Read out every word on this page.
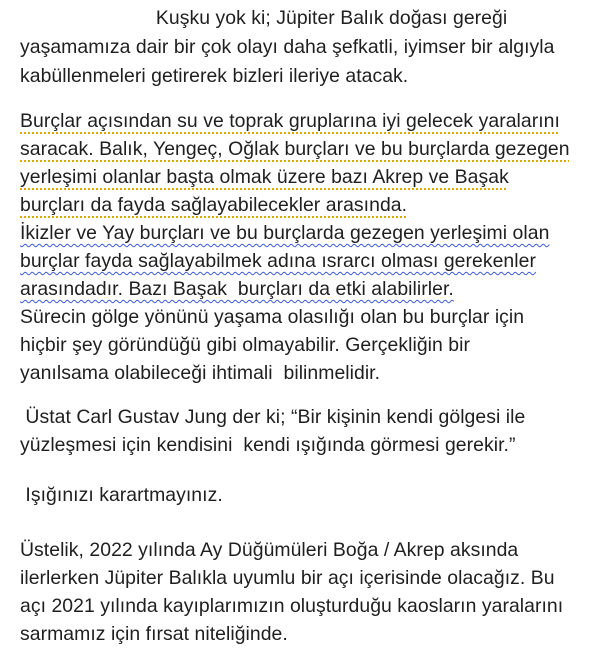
Kuşku yok ki; Jüpiter Balık doğası gereği
yaşamamıza dair bir çok olayı daha şefkatli, iyimser bir algıyla
kabüllenmeleri getirerek bizleri ileriye atacak.
Burçlar açısından su ve toprak gruplarına iyi gelecek yaralarını
saracak. Balık, Yengeç, Oğlak burçları ve bu burçlarda gezegen
yerleşimi olanlar başta olmak üzere bazı Akrep ve Başak
burçları da fayda sağlayabilecekler arasında.
İkizler ve Yay burçları ve bu burçlarda gezegen yerleşimi olan
burçlar fayda sağlayabilmek adına ısrarcı olması gerekenler
arasındadır. Bazı Başak  burçları da etki alabilirler.
Sürecin gölge yönünü yaşama olasılığı olan bu burçlar için
hiçbir şey göründüğü gibi olmayabilir. Gerçekliğin bir
yanılsama olabileceği ihtimali  bilinmelidir.
Üstat Carl Gustav Jung der ki; “Bir kişinin kendi gölgesi ile
yüzleşmesi için kendisini  kendi ışığında görmesi gerekir.”
Işığınızı karartmayınız.
Üstelik, 2022 yılında Ay Düğümüleri Boğa / Akrep aksında
ilerlerken Jüpiter Balıkla uyumlu bir açı içerisinde olacağız. Bu
açı 2021 yılında kayıplarımızın oluşturduğu kaosların yaralarını
sarmamız için fırsat niteliğinde.
